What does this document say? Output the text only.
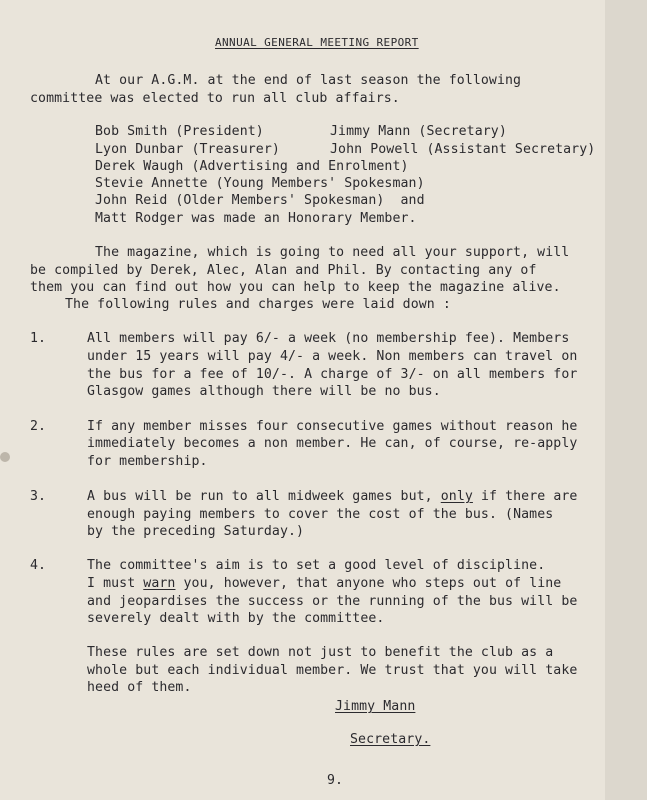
ANNUAL GENERAL MEETING REPORT
At our A.G.M. at the end of last season the following
committee was elected to run all club affairs.
Bob Smith (President)	Jimmy Mann (Secretary)
Lyon Dunbar (Treasurer)	John Powell (Assistant Secretary)
Derek Waugh (Advertising and Enrolment)
Stevie Annette (Young Members' Spokesman)
John Reid (Older Members' Spokesman)  and
Matt Rodger was made an Honorary Member.
The magazine, which is going to need all your support, will
be compiled by Derek, Alec, Alan and Phil. By contacting any of
them you can find out how you can help to keep the magazine alive.
The following rules and charges were laid down :
1.	All members will pay 6/- a week (no membership fee). Members
under 15 years will pay 4/- a week. Non members can travel on
the bus for a fee of 10/-. A charge of 3/- on all members for
Glasgow games although there will be no bus.
2.	If any member misses four consecutive games without reason he
immediately becomes a non member. He can, of course, re-apply
for membership.
3.	A bus will be run to all midweek games but, only if there are
enough paying members to cover the cost of the bus. (Names
by the preceding Saturday.)
4.	The committee's aim is to set a good level of discipline.
I must warn you, however, that anyone who steps out of line
and jeopardises the success or the running of the bus will be
severely dealt with by the committee.
These rules are set down not just to benefit the club as a
whole but each individual member. We trust that you will take
heed of them.
Jimmy Mann
Secretary.
9.
